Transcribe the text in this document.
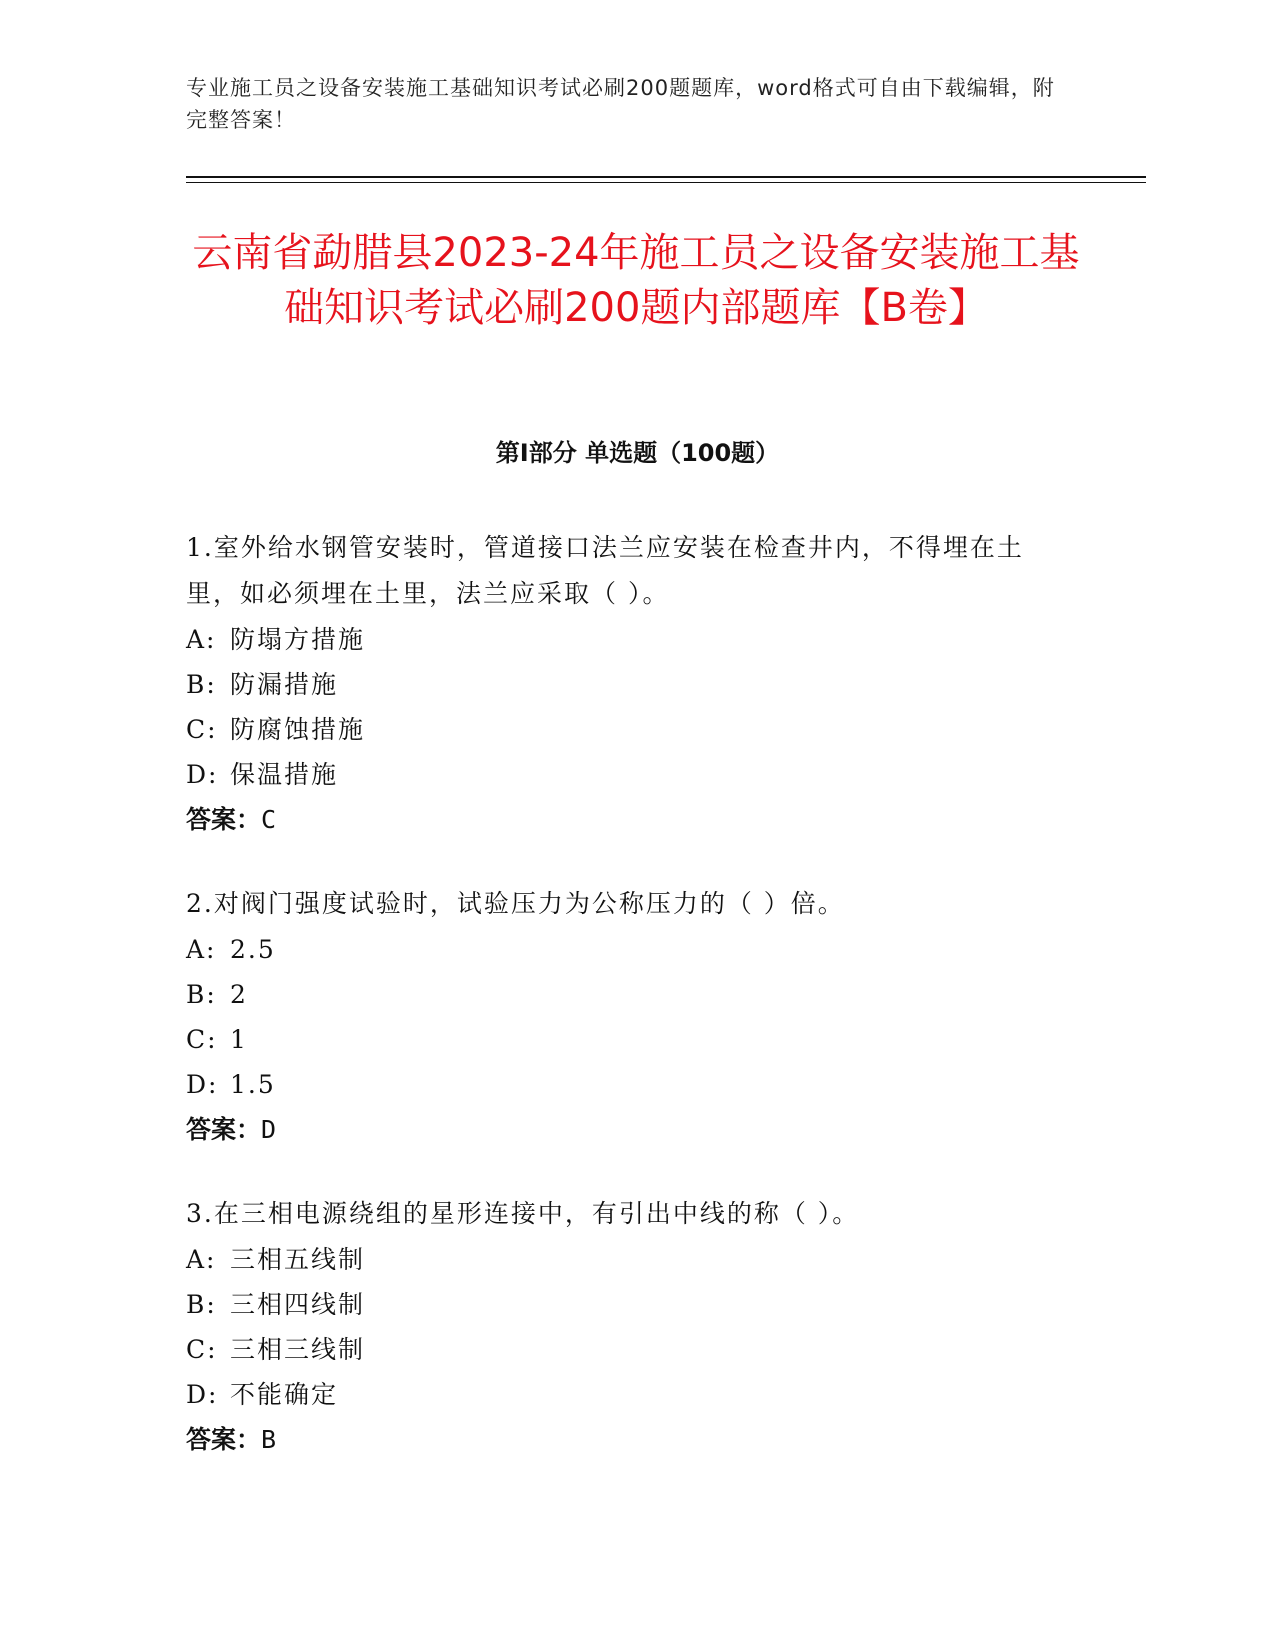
专业施工员之设备安装施工基础知识考试必刷200题题库，word格式可自由下载编辑，附完整答案！
云南省勐腊县2023-24年施工员之设备安装施工基础知识考试必刷200题内部题库【B卷】
第Ⅰ部分 单选题（100题）
1.室外给水钢管安装时，管道接口法兰应安装在检查井内，不得埋在土里，如必须埋在土里，法兰应采取（ ）。
A: 防塌方措施
B: 防漏措施
C: 防腐蚀措施
D: 保温措施
答案：C
2.对阀门强度试验时，试验压力为公称压力的（ ）倍。
A: 2.5
B: 2
C: 1
D: 1.5
答案：D
3.在三相电源绕组的星形连接中，有引出中线的称（ ）。
A: 三相五线制
B: 三相四线制
C: 三相三线制
D: 不能确定
答案：B
